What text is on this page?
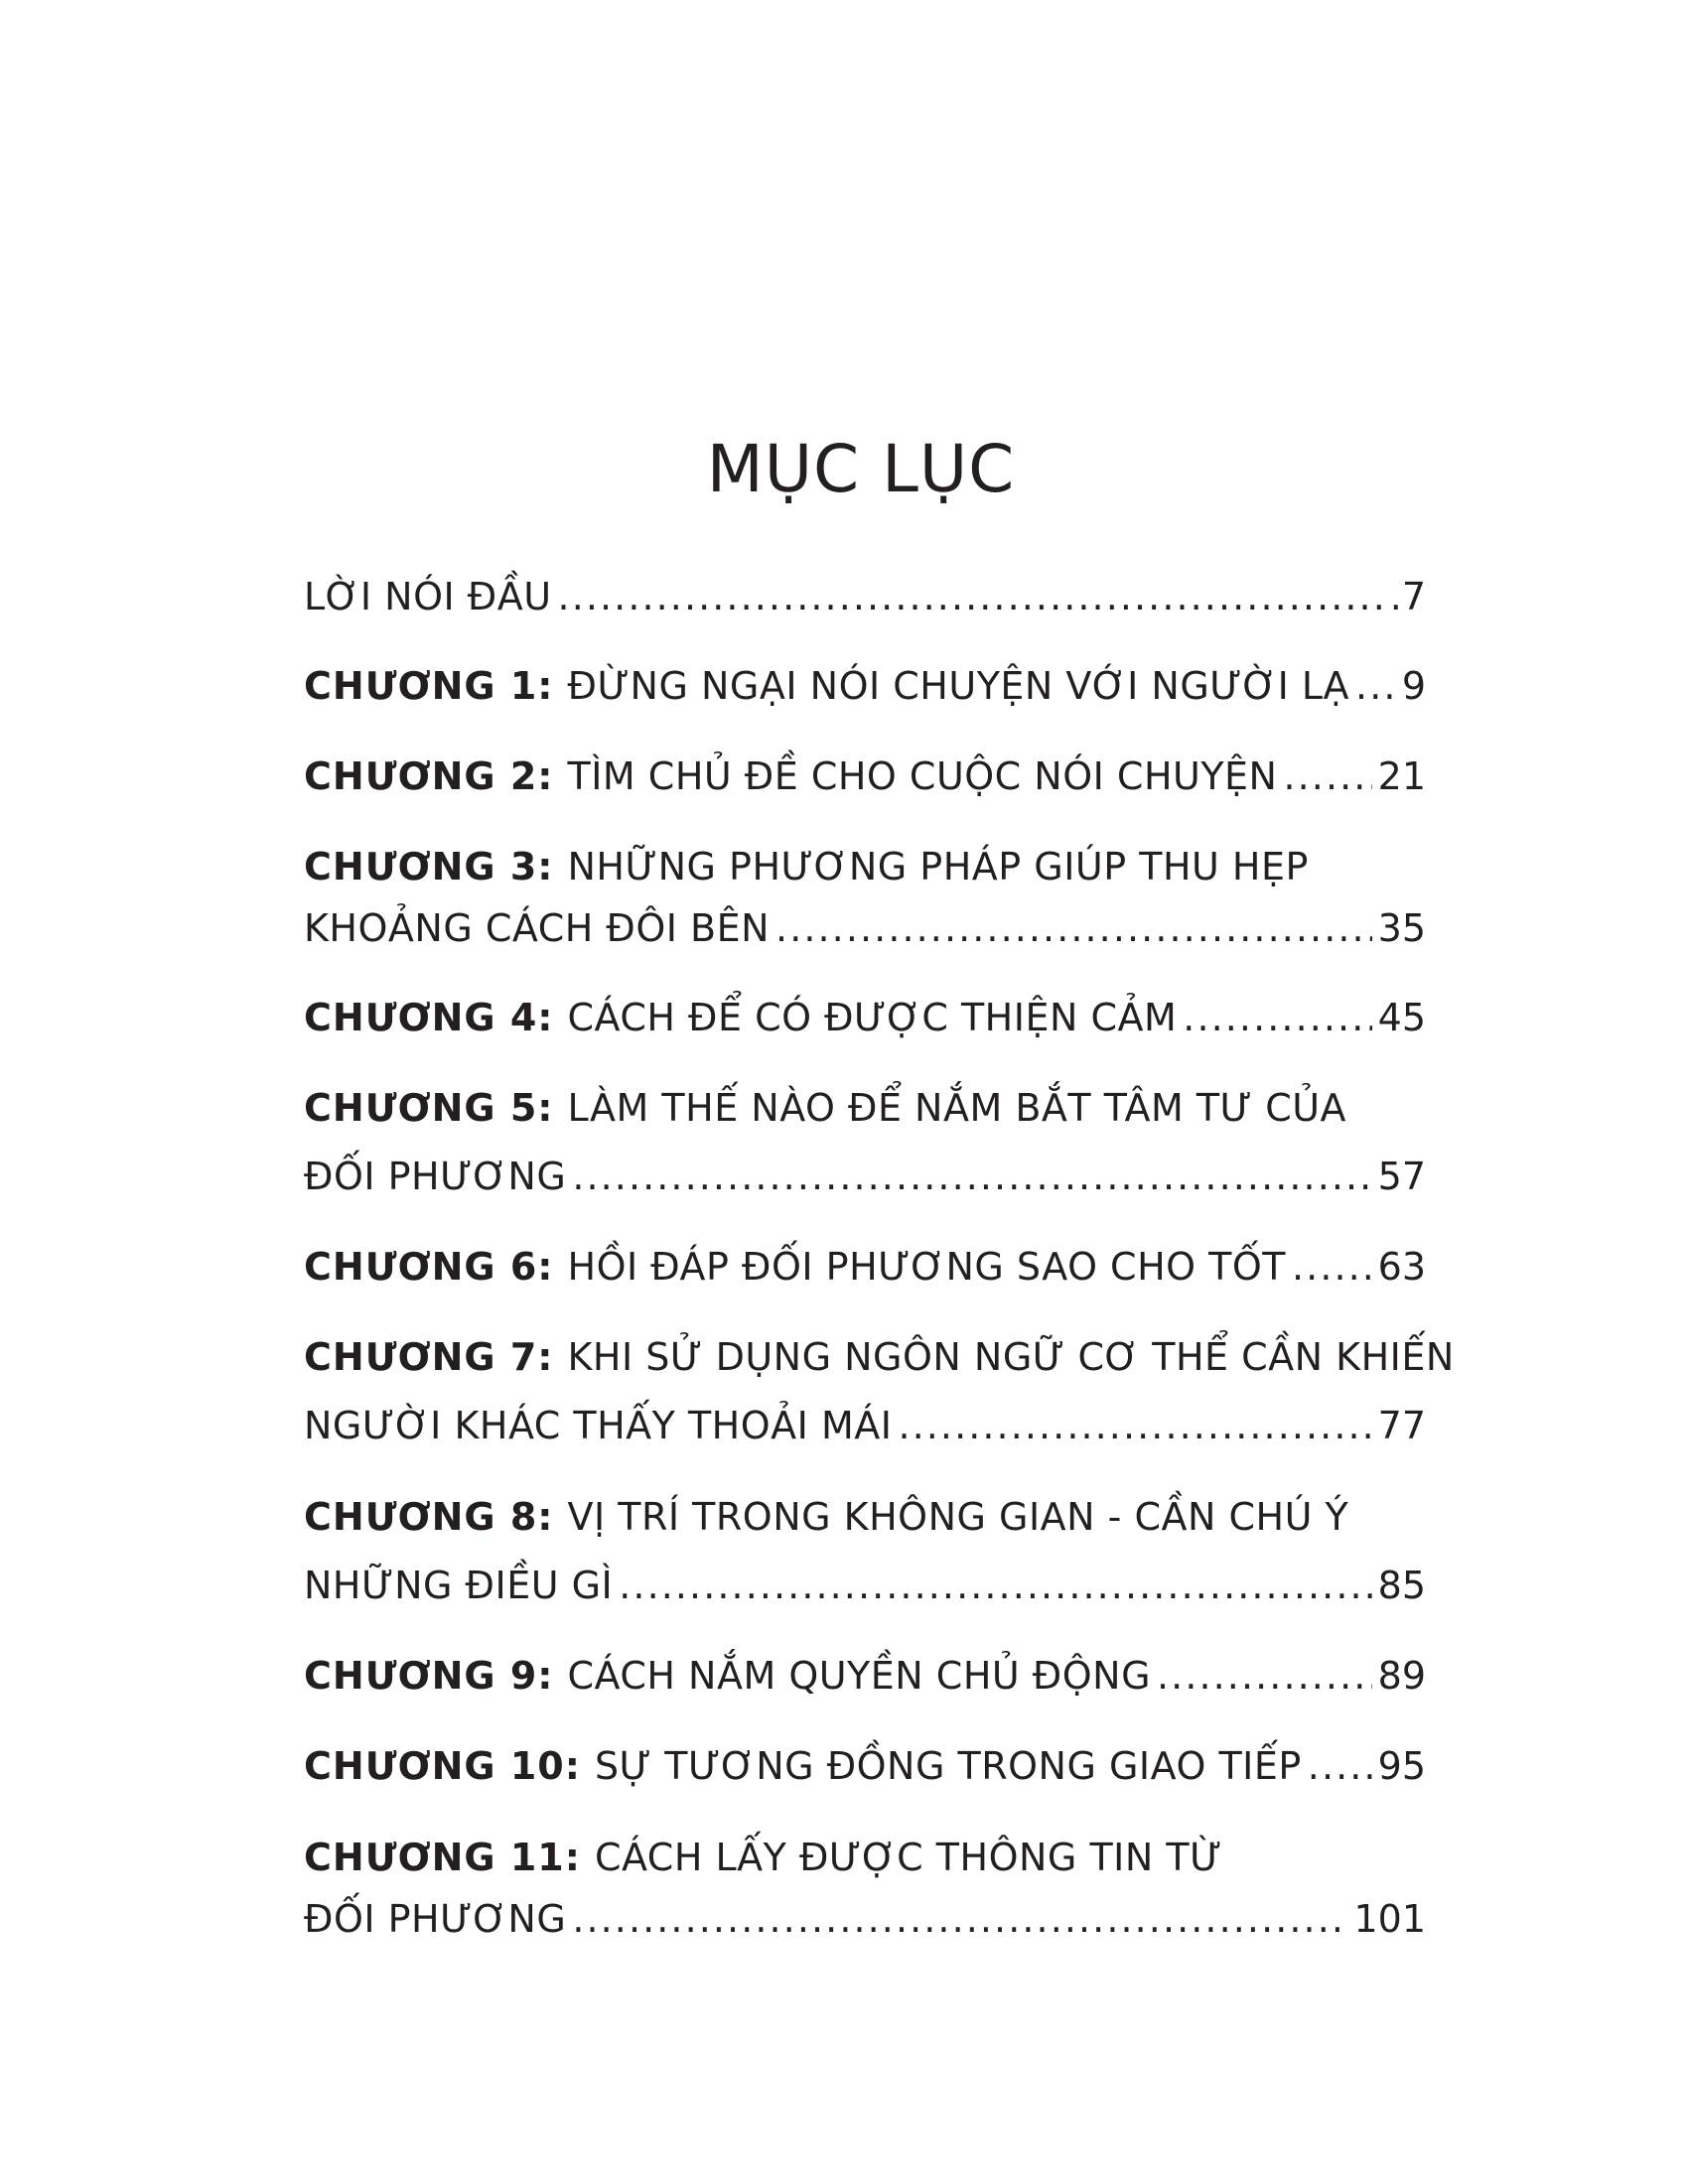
MỤC LỤC
LỜI NÓI ĐẦU . . .	.7
CHƯƠNG 1: ĐỪNG NGẠI NÓI CHUYỆN VỚI NGƯỜI LẠ . . . 9
CHƯƠNG 2: TÌM CHỦ ĐỀ CHO CUỘC NÓI CHUYỆN . . .	21
CHƯƠNG 3: NHỮNG PHƯƠNG PHÁP GIÚP THU HẸP
KHOẢNG CÁCH ĐÔI BÊN . . .	35
CHƯƠNG 4: CÁCH ĐỂ CÓ ĐƯỢC THIỆN CẢM . . .	45
CHƯƠNG 5: LÀM THẾ NÀO ĐỂ NẮM BẮT TÂM TƯ CỦA
ĐỐI PHƯƠNG . . .	57
CHƯƠNG 6: HỒI ĐÁP ĐỐI PHƯƠNG SAO CHO TỐT . . . 63
CHƯƠNG 7: KHI SỬ DỤNG NGÔN NGỮ CƠ THỂ CẦN KHIẾN
NGƯỜI KHÁC THẤY THOẢI MÁI . . .	77
CHƯƠNG 8: VỊ TRÍ TRONG KHÔNG GIAN - CẦN CHÚ Ý
NHỮNG ĐIỀU GÌ . . .	85
CHƯƠNG 9: CÁCH NẮM QUYỀN CHỦ ĐỘNG . . .	89
CHƯƠNG 10: SỰ TƯƠNG ĐỒNG TRONG GIAO TIẾP . . . 95
CHƯƠNG 11: CÁCH LẤY ĐƯỢC THÔNG TIN TỪ
ĐỐI PHƯƠNG . . .	101
